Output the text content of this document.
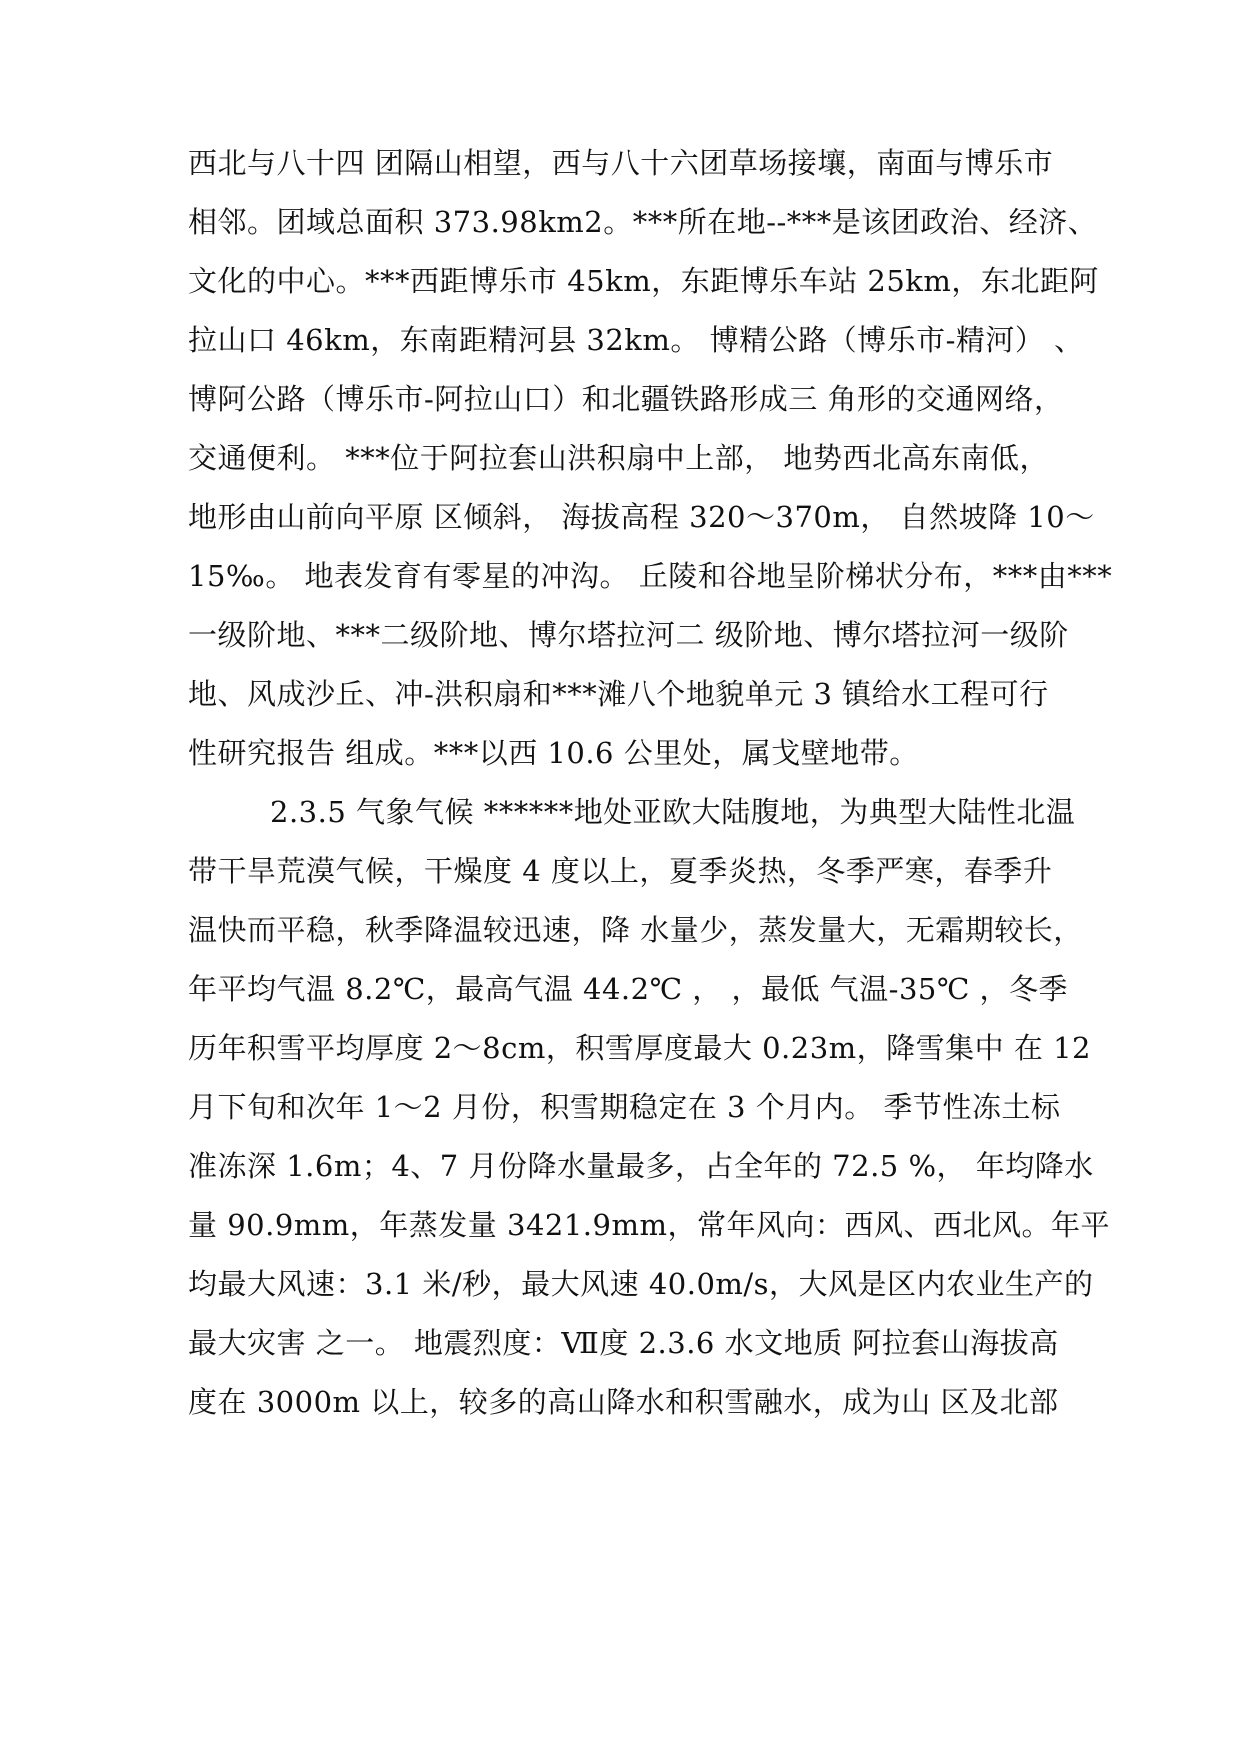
西北与八十四 团隔山相望，西与八十六团草场接壤，南面与博乐市
相邻。团域总面积 373.98km2。***所在地--***是该团政治、经济、
文化的中心。***西距博乐市 45km，东距博乐车站 25km，东北距阿
拉山口 46km，东南距精河县 32km。 博精公路（博乐市-精河） 、
博阿公路（博乐市-阿拉山口）和北疆铁路形成三 角形的交通网络，
交通便利。 ***位于阿拉套山洪积扇中上部， 地势西北高东南低，
地形由山前向平原 区倾斜， 海拔高程 320～370m， 自然坡降 10～
15‰。 地表发育有零星的冲沟。 丘陵和谷地呈阶梯状分布，***由***
一级阶地、***二级阶地、博尔塔拉河二 级阶地、博尔塔拉河一级阶
地、风成沙丘、冲-洪积扇和***滩八个地貌单元 3 镇给水工程可行
性研究报告 组成。***以西 10.6 公里处，属戈壁地带。
2.3.5 气象气候 ******地处亚欧大陆腹地，为典型大陆性北温
带干旱荒漠气候，干燥度 4 度以上，夏季炎热，冬季严寒，春季升
温快而平稳，秋季降温较迅速，降 水量少，蒸发量大，无霜期较长，
年平均气温 8.2℃，最高气温 44.2℃ ， ，最低 气温-35℃ ，冬季
历年积雪平均厚度 2～8cm，积雪厚度最大 0.23m，降雪集中 在 12
月下旬和次年 1～2 月份，积雪期稳定在 3 个月内。 季节性冻土标
准冻深 1.6m；4、7 月份降水量最多，占全年的 72.5 %， 年均降水
量 90.9mm，年蒸发量 3421.9mm，常年风向：西风、西北风。年平
均最大风速：3.1 米/秒，最大风速 40.0m/s，大风是区内农业生产的
最大灾害 之一。 地震烈度：Ⅶ度 2.3.6 水文地质 阿拉套山海拔高
度在 3000m 以上，较多的高山降水和积雪融水，成为山 区及北部
